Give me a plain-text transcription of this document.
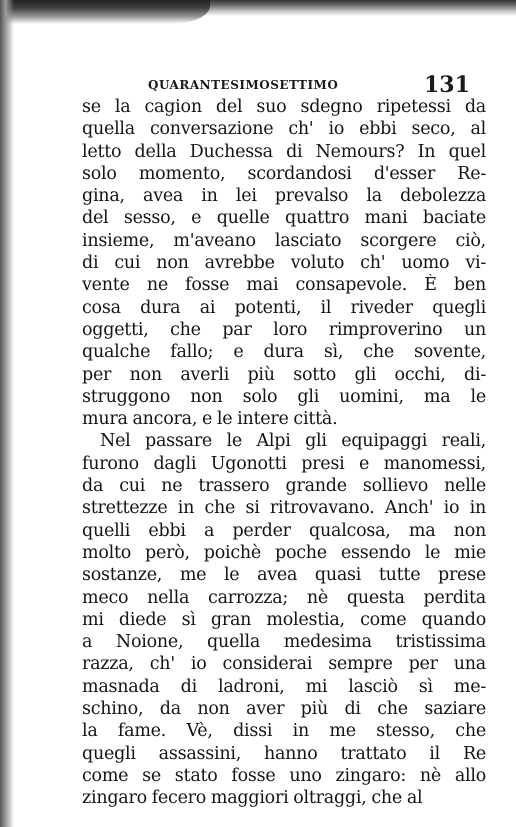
QUARANTESIMOSETTIMO	131
se la cagion del suo sdegno ripetessi da
quella conversazione ch' io ebbi seco, al
letto della Duchessa di Nemours? In quel
solo momento, scordandosi d'esser Re-
gina, avea in lei prevalso la debolezza
del sesso, e quelle quattro mani baciate
insieme, m'aveano lasciato scorgere ciò,
di cui non avrebbe voluto ch' uomo vi-
vente ne fosse mai consapevole. È ben
cosa dura ai potenti, il riveder quegli
oggetti, che par loro rimproverino un
qualche fallo; e dura sì, che sovente,
per non averli più sotto gli occhi, di-
struggono non solo gli uomini, ma le
mura ancora, e le intere città.
Nel passare le Alpi gli equipaggi reali,
furono dagli Ugonotti presi e manomessi,
da cui ne trassero grande sollievo nelle
strettezze in che si ritrovavano. Anch' io in
quelli ebbi a perder qualcosa, ma non
molto però, poichè poche essendo le mie
sostanze, me le avea quasi tutte prese
meco nella carrozza; nè questa perdita
mi diede sì gran molestia, come quando
a Noione, quella medesima tristissima
razza, ch' io considerai sempre per una
masnada di ladroni, mi lasciò sì me-
schino, da non aver più di che saziare
la fame. Vè, dissi in me stesso, che
quegli assassini, hanno trattato il Re
come se stato fosse uno zingaro: nè allo
zingaro fecero maggiori oltraggi, che al
